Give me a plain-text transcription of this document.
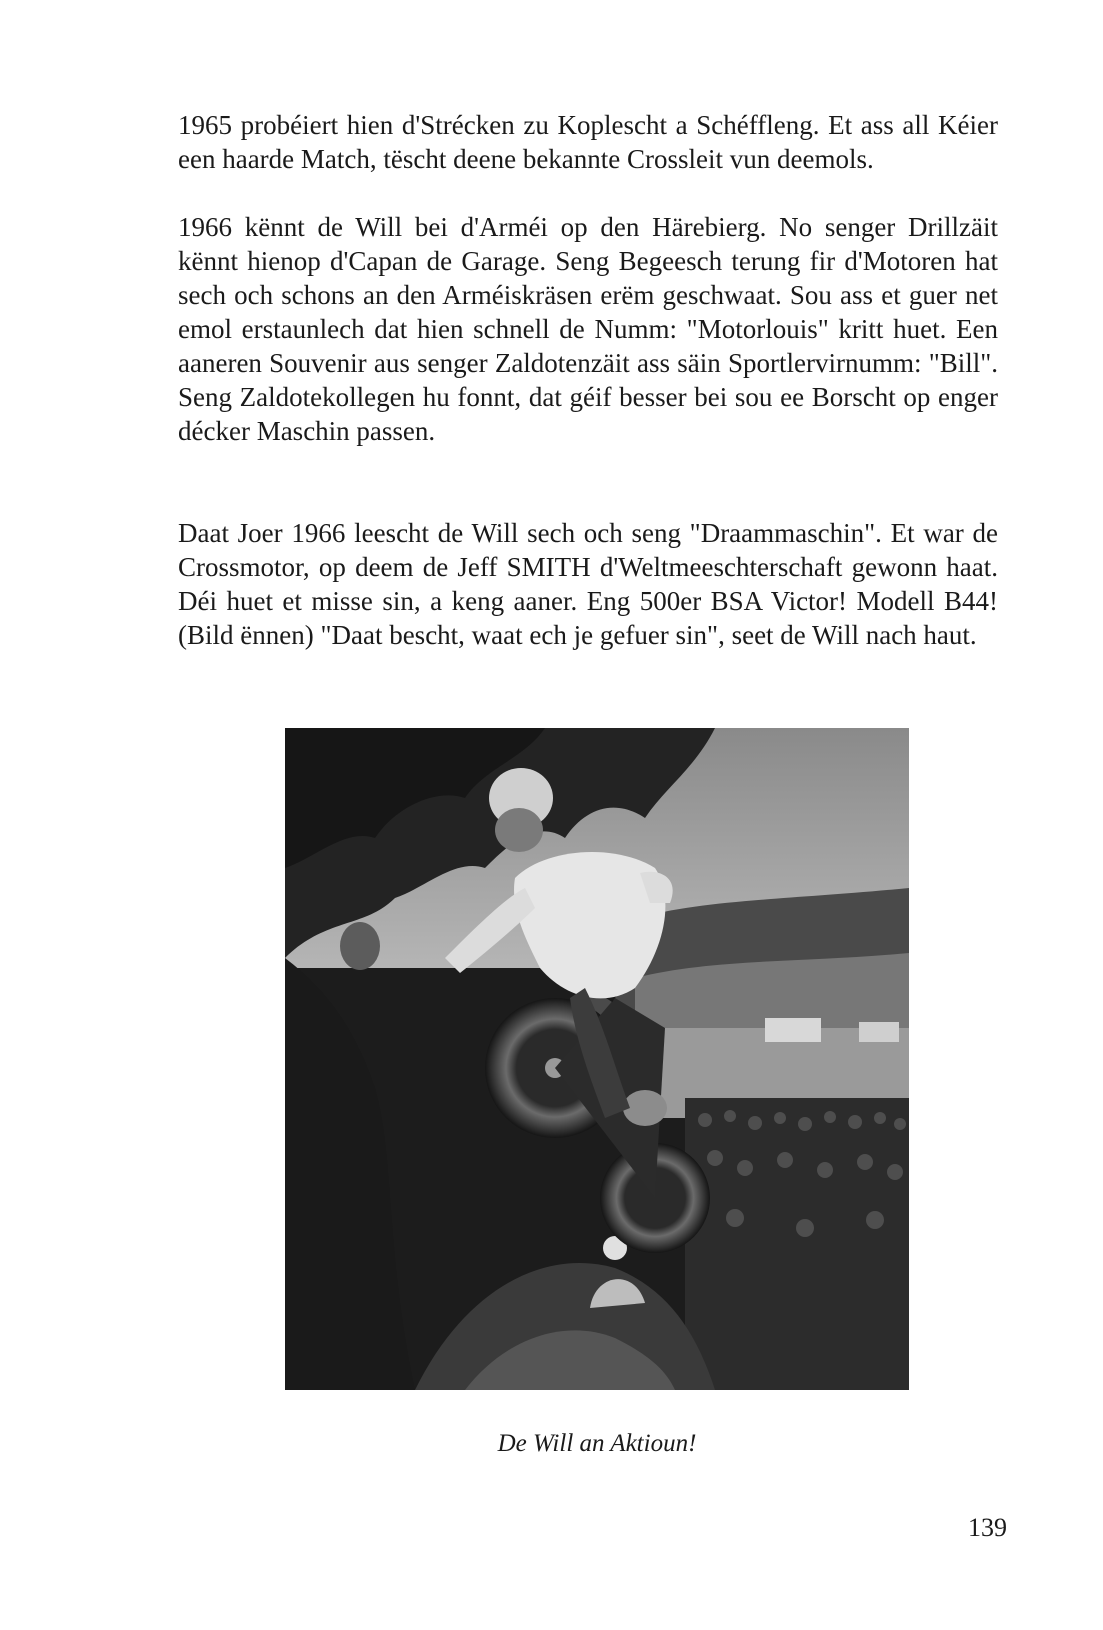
1965 probéiert hien d'Strécken zu Koplescht a Schéffleng. Et ass all Kéier een haarde Match, tëscht deene bekannte Crossleit vun deemols.

1966 kënnt de Will bei d'Arméi op den Härebierg. No senger Drillzäit kënnt hienop d'Capan de Garage. Seng Begeesch terung fir d'Motoren hat sech och schons an den Arméiskräsen erëm geschwaat. Sou ass et guer net emol erstaunlech dat hien schnell de Numm: "Motorlouis" kritt huet. Een aaneren Souvenir aus senger Zaldotenzäit ass säin Sportlervirnumm: "Bill". Seng Zaldotekollegen hu fonnt, dat géif besser bei sou ee Borscht op enger décker Maschin passen.

Daat Joer 1966 leescht de Will sech och seng "Draammaschin". Et war de Crossmotor, op deem de Jeff SMITH d'Weltmeeschterschaft gewonn haat. Déi huet et misse sin, a keng aaner. Eng 500er BSA Victor! Modell B44! (Bild ënnen) "Daat bescht, waat ech je gefuer sin", seet de Will nach haut.

De Will an Aktioun!
139
